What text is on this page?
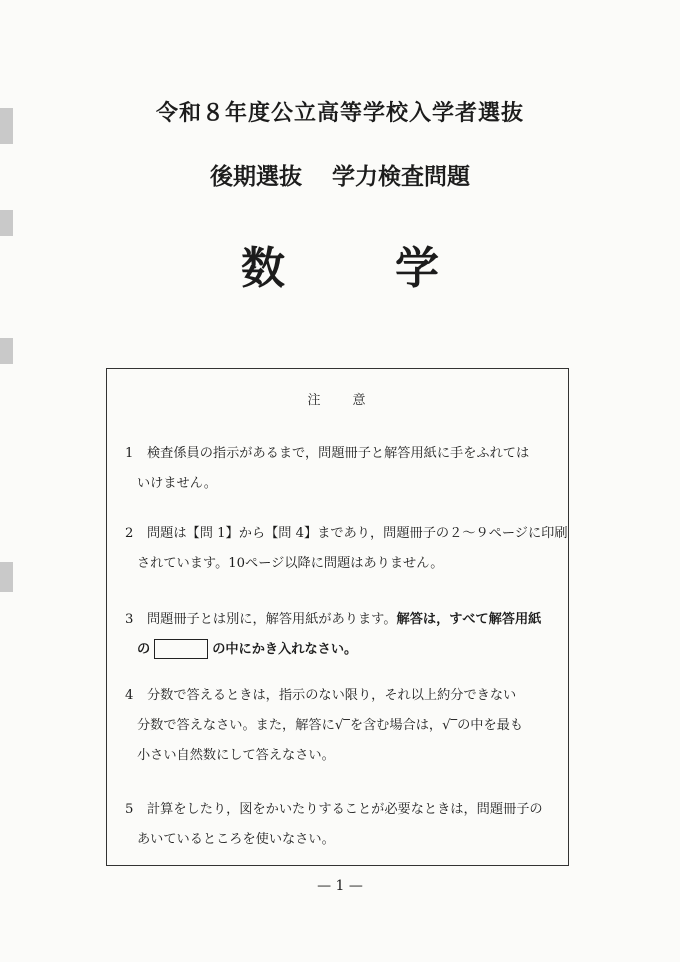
令和８年度公立高等学校入学者選抜
後期選抜 学力検査問題
数	学
注 意
1 検査係員の指示があるまで，問題冊子と解答用紙に手をふれては
いけません。
2 問題は【問 1】から【問 4】まであり，問題冊子の２～９ページに印刷
されています。10ページ以降に問題はありません。
3 問題冊子とは別に，解答用紙があります。解答は，すべて解答用紙
の	の中にかき入れなさい。
4 分数で答えるときは，指示のない限り，それ以上約分できない
分数で答えなさい。また，解答に√‾を含む場合は，√‾の中を最も
小さい自然数にして答えなさい。
5 計算をしたり，図をかいたりすることが必要なときは，問題冊子の
あいているところを使いなさい。
— 1 —
